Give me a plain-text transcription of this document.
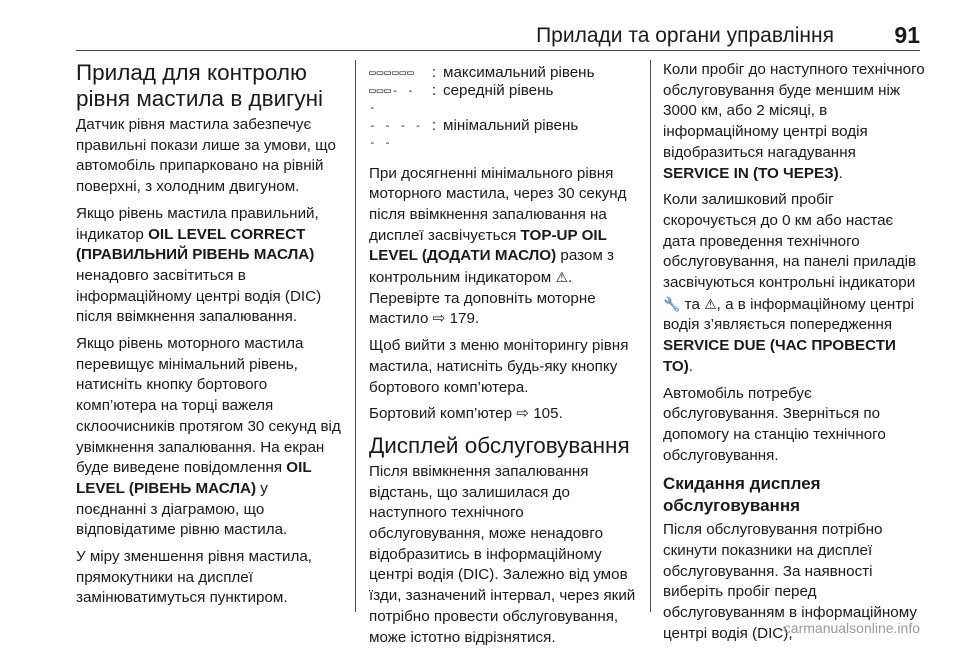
Прилади та органи управління	91
Прилад для контролю рівня мастила в двигуні

Датчик рівня мастила забезпечує правильні покази лише за умови, що автомобіль припарковано на рівній поверхні, з холодним двигуном.

Якщо рівень мастила правильний, індикатор OIL LEVEL CORRECT (ПРАВИЛЬНИЙ РІВЕНЬ МАСЛА) ненадовго засвітиться в інформаційному центрі водія (DIC) після ввімкнення запалювання.

Якщо рівень моторного мастила перевищує мінімальний рівень, натисніть кнопку бортового комп’ютера на торці важеля склоочисників протягом 30 секунд від увімкнення запалювання. На екран буде виведене повідомлення OIL LEVEL (РІВЕНЬ МАСЛА) у поєднанні з діаграмою, що відповідатиме рівню мастила.

У міру зменшення рівня мастила, прямокутники на дисплеї замінюватимуться пунктиром.

▭▭▭▭▭▭	: максимальний рівень
▭▭▭- - -
: середній рівень
- - - - - -
: мінімальний рівень

При досягненні мінімального рівня моторного мастила, через 30 секунд після ввімкнення запалювання на дисплеї засвічується TOP-UP OIL LEVEL (ДОДАТИ МАСЛО) разом з контрольним індикатором ⚠. Перевірте та доповніть моторне мастило ⇨ 179.

Щоб вийти з меню моніторингу рівня мастила, натисніть будь-яку кнопку бортового комп’ютера.

Бортовий комп’ютер ⇨ 105.

Дисплей обслуговування

Після ввімкнення запалювання відстань, що залишилася до наступного технічного обслуговування, може ненадовго відобразитись в інформаційному центрі водія (DIC). Залежно від умов їзди, зазначений інтервал, через який потрібно провести обслуговування, може істотно відрізнятися.

Коли пробіг до наступного технічного обслуговування буде меншим ніж 3000 км, або 2 місяці, в інформаційному центрі водія відобразиться нагадування SERVICE IN (ТО ЧЕРЕЗ).

Коли залишковий пробіг скорочується до 0 км або настає дата проведення технічного обслуговування, на панелі приладів засвічуються контрольні індикатори 🔧 та ⚠, а в інформаційному центрі водія з’являється попередження SERVICE DUE (ЧАС ПРОВЕСТИ ТО).

Автомобіль потребує обслуговування. Зверніться по допомогу на станцію технічного обслуговування.

Скидання дисплея обслуговування

Після обслуговування потрібно скинути показники на дисплеї обслуговування. За наявності виберіть пробіг перед обслуговуванням в інформаційному центрі водія (DIC),

carmanualsonline.info
